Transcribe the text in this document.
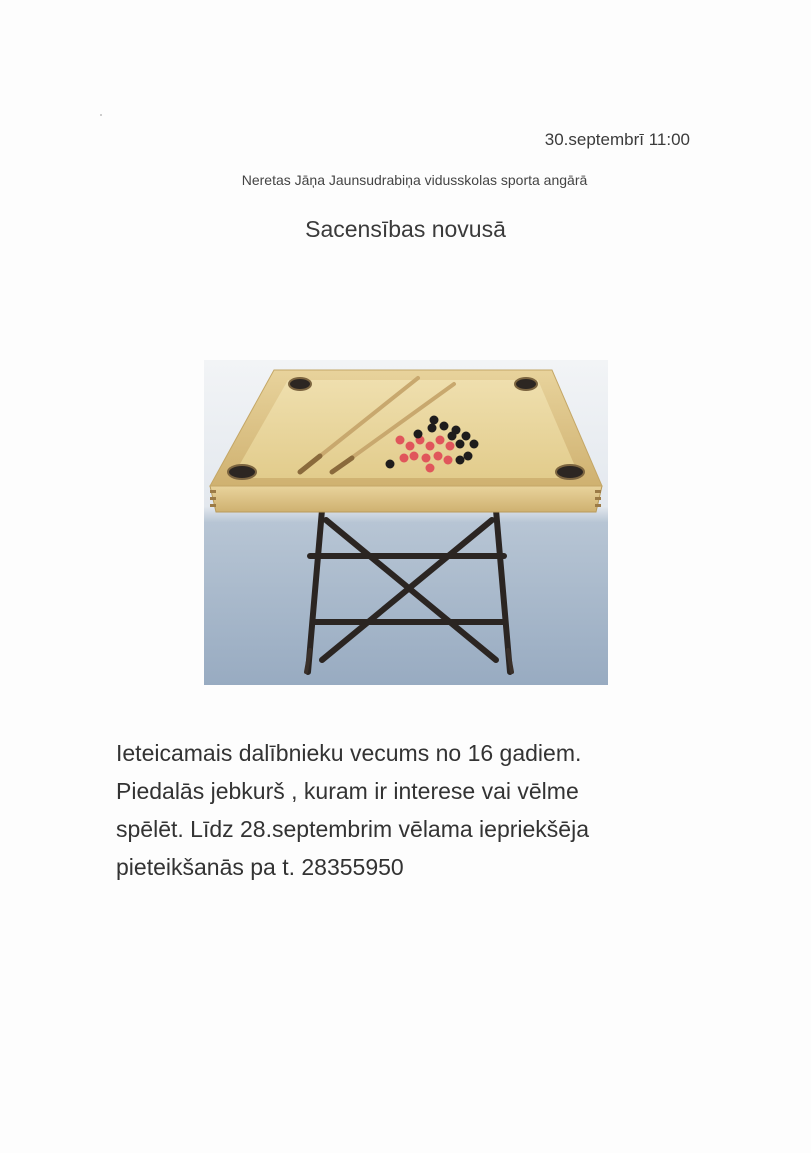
30.septembrī 11:00
Neretas Jāņa Jaunsudrabiņa vidusskolas sporta angārā
Sacensības novusā

Ieteicamais dalībnieku vecums no 16 gadiem.

Piedalās jebkurš , kuram ir interese vai vēlme

spēlēt. Līdz 28.septembrim vēlama iepriekšēja

pieteikšanās pa t. 28355950
